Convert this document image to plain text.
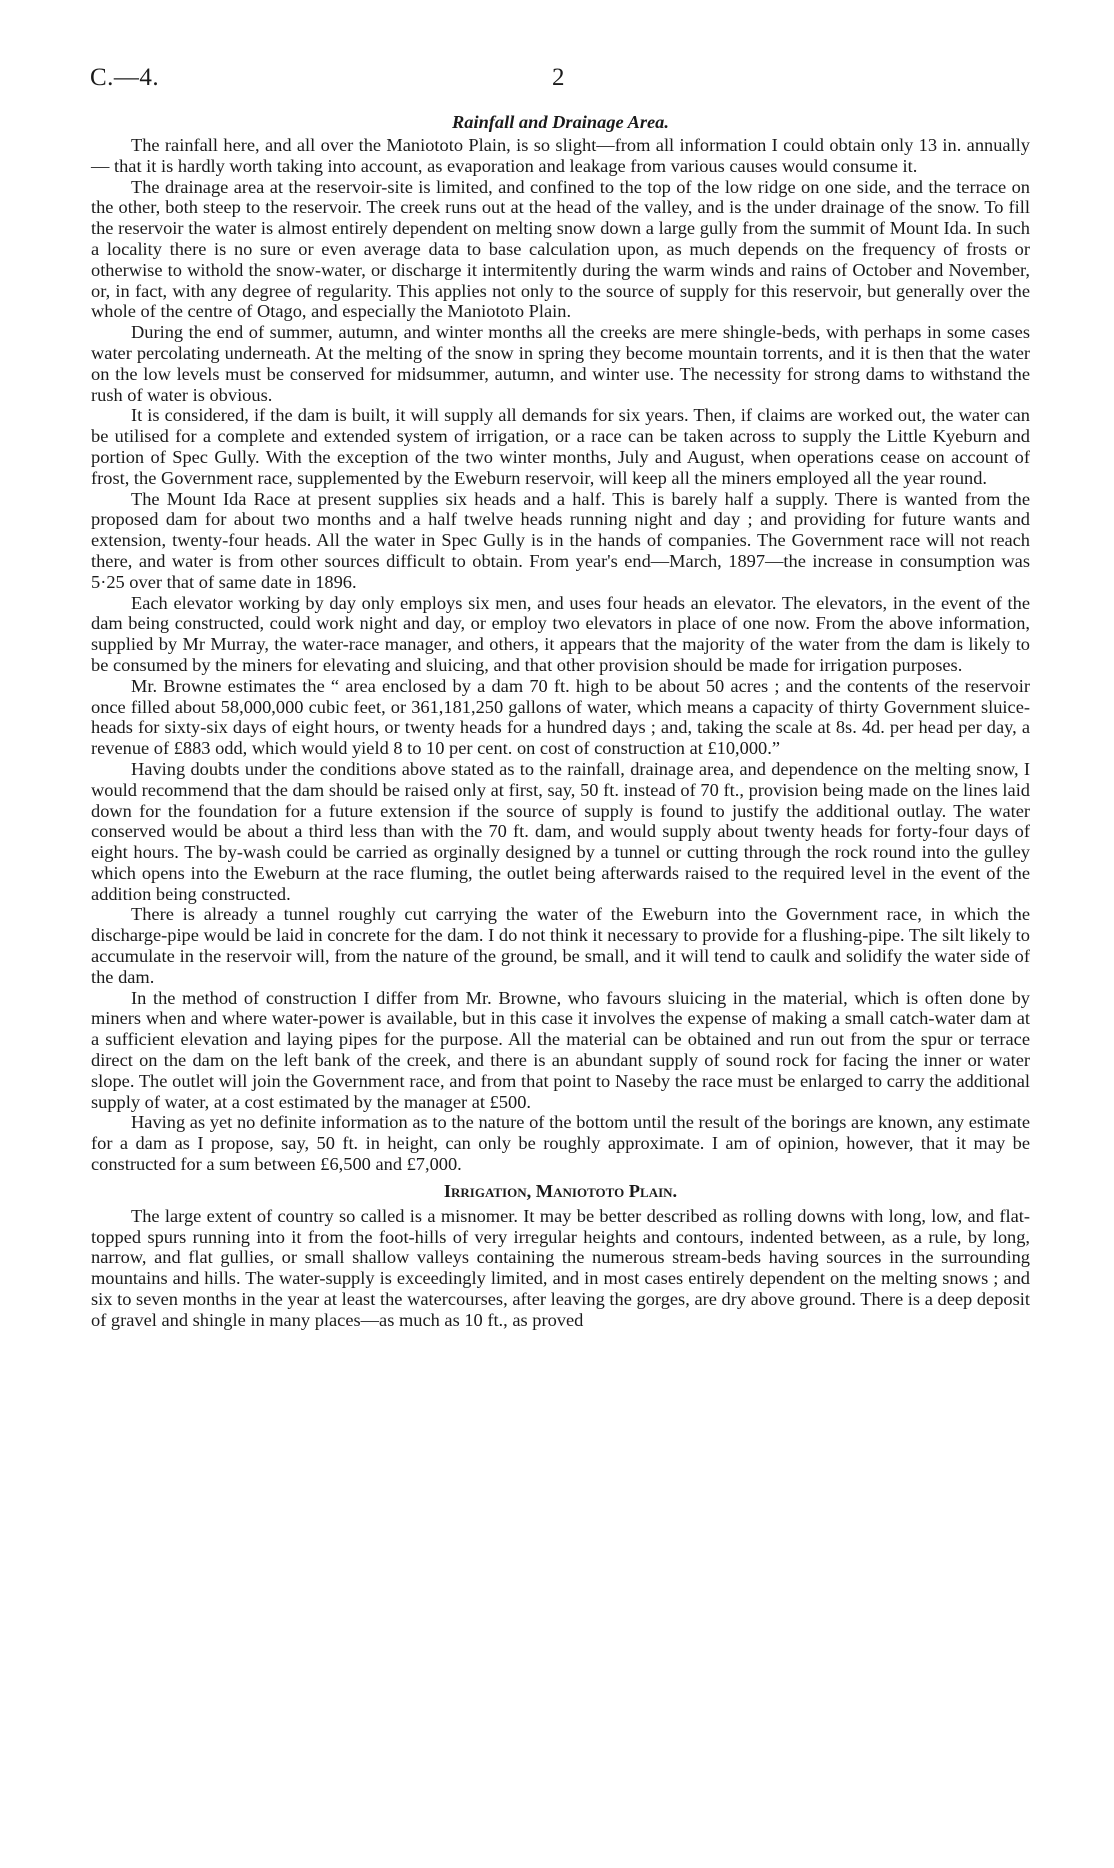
C.—4.	2
Rainfall and Drainage Area.

The rainfall here, and all over the Maniototo Plain, is so slight—from all information I could obtain only 13 in. annually — that it is hardly worth taking into account, as evaporation and leakage from various causes would consume it.

The drainage area at the reservoir-site is limited, and confined to the top of the low ridge on one side, and the terrace on the other, both steep to the reservoir. The creek runs out at the head of the valley, and is the under drainage of the snow. To fill the reservoir the water is almost entirely dependent on melting snow down a large gully from the summit of Mount Ida. In such a locality there is no sure or even average data to base calculation upon, as much depends on the frequency of frosts or otherwise to withold the snow-water, or discharge it intermitently during the warm winds and rains of October and November, or, in fact, with any degree of regularity. This applies not only to the source of supply for this reservoir, but generally over the whole of the centre of Otago, and especially the Maniototo Plain.

During the end of summer, autumn, and winter months all the creeks are mere shingle-beds, with perhaps in some cases water percolating underneath. At the melting of the snow in spring they become mountain torrents, and it is then that the water on the low levels must be conserved for midsummer, autumn, and winter use. The necessity for strong dams to withstand the rush of water is obvious.

It is considered, if the dam is built, it will supply all demands for six years. Then, if claims are worked out, the water can be utilised for a complete and extended system of irrigation, or a race can be taken across to supply the Little Kyeburn and portion of Spec Gully. With the exception of the two winter months, July and August, when operations cease on account of frost, the Government race, supplemented by the Eweburn reservoir, will keep all the miners employed all the year round.

The Mount Ida Race at present supplies six heads and a half. This is barely half a supply. There is wanted from the proposed dam for about two months and a half twelve heads running night and day ; and providing for future wants and extension, twenty-four heads. All the water in Spec Gully is in the hands of companies. The Government race will not reach there, and water is from other sources difficult to obtain. From year's end—March, 1897—the increase in consumption was 5·25 over that of same date in 1896.

Each elevator working by day only employs six men, and uses four heads an elevator. The elevators, in the event of the dam being constructed, could work night and day, or employ two elevators in place of one now. From the above information, supplied by Mr Murray, the water-race manager, and others, it appears that the majority of the water from the dam is likely to be consumed by the miners for elevating and sluicing, and that other provision should be made for irrigation purposes.

Mr. Browne estimates the “ area enclosed by a dam 70 ft. high to be about 50 acres ; and the contents of the reservoir once filled about 58,000,000 cubic feet, or 361,181,250 gallons of water, which means a capacity of thirty Government sluice-heads for sixty-six days of eight hours, or twenty heads for a hundred days ; and, taking the scale at 8s. 4d. per head per day, a revenue of £883 odd, which would yield 8 to 10 per cent. on cost of construction at £10,000.”

Having doubts under the conditions above stated as to the rainfall, drainage area, and dependence on the melting snow, I would recommend that the dam should be raised only at first, say, 50 ft. instead of 70 ft., provision being made on the lines laid down for the foundation for a future extension if the source of supply is found to justify the additional outlay. The water conserved would be about a third less than with the 70 ft. dam, and would supply about twenty heads for forty-four days of eight hours. The by-wash could be carried as orginally designed by a tunnel or cutting through the rock round into the gulley which opens into the Eweburn at the race fluming, the outlet being afterwards raised to the required level in the event of the addition being constructed.

There is already a tunnel roughly cut carrying the water of the Eweburn into the Government race, in which the discharge-pipe would be laid in concrete for the dam. I do not think it necessary to provide for a flushing-pipe. The silt likely to accumulate in the reservoir will, from the nature of the ground, be small, and it will tend to caulk and solidify the water side of the dam.

In the method of construction I differ from Mr. Browne, who favours sluicing in the material, which is often done by miners when and where water-power is available, but in this case it involves the expense of making a small catch-water dam at a sufficient elevation and laying pipes for the purpose. All the material can be obtained and run out from the spur or terrace direct on the dam on the left bank of the creek, and there is an abundant supply of sound rock for facing the inner or water slope. The outlet will join the Government race, and from that point to Naseby the race must be enlarged to carry the additional supply of water, at a cost estimated by the manager at £500.

Having as yet no definite information as to the nature of the bottom until the result of the borings are known, any estimate for a dam as I propose, say, 50 ft. in height, can only be roughly approximate. I am of opinion, however, that it may be constructed for a sum between £6,500 and £7,000.

Irrigation, Maniototo Plain.

The large extent of country so called is a misnomer. It may be better described as rolling downs with long, low, and flat-topped spurs running into it from the foot-hills of very irregular heights and contours, indented between, as a rule, by long, narrow, and flat gullies, or small shallow valleys containing the numerous stream-beds having sources in the surrounding mountains and hills. The water-supply is exceedingly limited, and in most cases entirely dependent on the melting snows ; and six to seven months in the year at least the watercourses, after leaving the gorges, are dry above ground. There is a deep deposit of gravel and shingle in many places—as much as 10 ft., as proved
